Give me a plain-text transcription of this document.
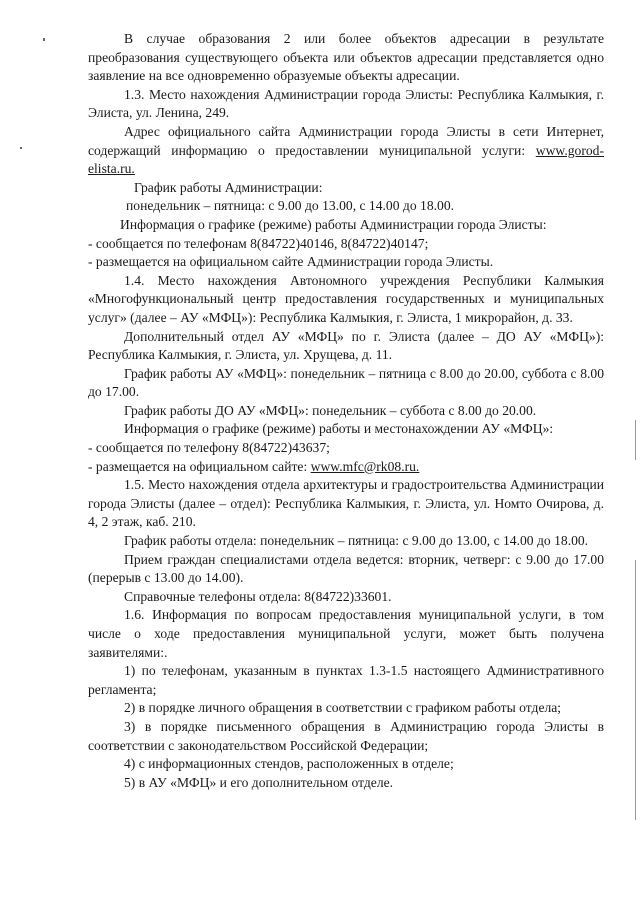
В случае образования 2 или более объектов адресации в результате преобразования существующего объекта или объектов адресации представляется одно заявление на все одновременно образуемые объекты адресации.

1.3. Место нахождения Администрации города Элисты: Республика Калмыкия, г. Элиста, ул. Ленина, 249.

Адрес официального сайта Администрации города Элисты в сети Интернет, содержащий информацию о предоставлении муниципальной услуги: www.gorod-elista.ru.

График работы Администрации:

понедельник – пятница: с 9.00 до 13.00, с 14.00 до 18.00.

Информация о графике (режиме) работы Администрации города Элисты:

- сообщается по телефонам 8(84722)40146, 8(84722)40147;

- размещается на официальном сайте Администрации города Элисты.

1.4. Место нахождения Автономного учреждения Республики Калмыкия «Многофункциональный центр предоставления государственных и муниципальных услуг» (далее – АУ «МФЦ»): Республика Калмыкия, г. Элиста, 1 микрорайон, д. 33.

Дополнительный отдел АУ «МФЦ» по г. Элиста (далее – ДО АУ «МФЦ»): Республика Калмыкия, г. Элиста, ул. Хрущева, д. 11.

График работы АУ «МФЦ»: понедельник – пятница с 8.00 до 20.00, суббота с 8.00 до 17.00.

График работы ДО АУ «МФЦ»: понедельник – суббота с 8.00 до 20.00.

Информация о графике (режиме) работы и местонахождении АУ «МФЦ»:

- сообщается по телефону 8(84722)43637;

- размещается на официальном сайте: www.mfc@rk08.ru.

1.5. Место нахождения отдела архитектуры и градостроительства Администрации города Элисты (далее – отдел): Республика Калмыкия, г. Элиста, ул. Номто Очирова, д. 4, 2 этаж, каб. 210.

График работы отдела: понедельник – пятница: с 9.00 до 13.00, с 14.00 до 18.00.

Прием граждан специалистами отдела ведется: вторник, четверг: с 9.00 до 17.00 (перерыв с 13.00 до 14.00).

Справочные телефоны отдела: 8(84722)33601.

1.6. Информация по вопросам предоставления муниципальной услуги, в том числе о ходе предоставления муниципальной услуги, может быть получена заявителями:.

1) по телефонам, указанным в пунктах 1.3-1.5 настоящего Административного регламента;

2) в порядке личного обращения в соответствии с графиком работы отдела;

3) в порядке письменного обращения в Администрацию города Элисты в соответствии с законодательством Российской Федерации;

4) с информационных стендов, расположенных в отделе;

5) в АУ «МФЦ» и его дополнительном отделе.
